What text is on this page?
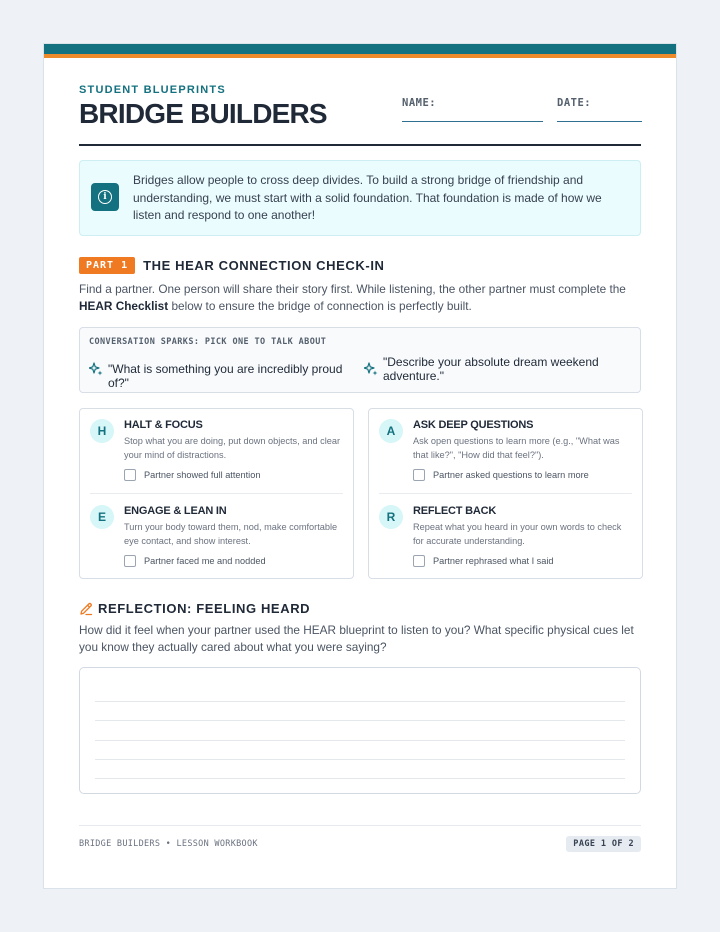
STUDENT BLUEPRINTS
BRIDGE BUILDERS	NAME:	DATE:
i
Bridges allow people to cross deep divides. To build a strong bridge of friendship and understanding, we must start with a solid foundation. That foundation is made of how we listen and respond to one another!
PART 1	THE HEAR CONNECTION CHECK-IN
Find a partner. One person will share their story first. While listening, the other partner must complete the HEAR Checklist below to ensure the bridge of connection is perfectly built.
CONVERSATION SPARKS: PICK ONE TO TALK ABOUT
"What is something you are incredibly proud of?"
"Describe your absolute dream weekend adventure."
H	HALT & FOCUS
Stop what you are doing, put down objects, and clear your mind of distractions.
Partner showed full attention
E	ENGAGE & LEAN IN
Turn your body toward them, nod, make comfortable eye contact, and show interest.
Partner faced me and nodded
A	ASK DEEP QUESTIONS
Ask open questions to learn more (e.g., "What was that like?", "How did that feel?").
Partner asked questions to learn more
R	REFLECT BACK
Repeat what you heard in your own words to check for accurate understanding.
Partner rephrased what I said
REFLECTION: FEELING HEARD
How did it feel when your partner used the HEAR blueprint to listen to you? What specific physical cues let you know they actually cared about what you were saying?
BRIDGE BUILDERS • LESSON WORKBOOK	PAGE 1 OF 2
